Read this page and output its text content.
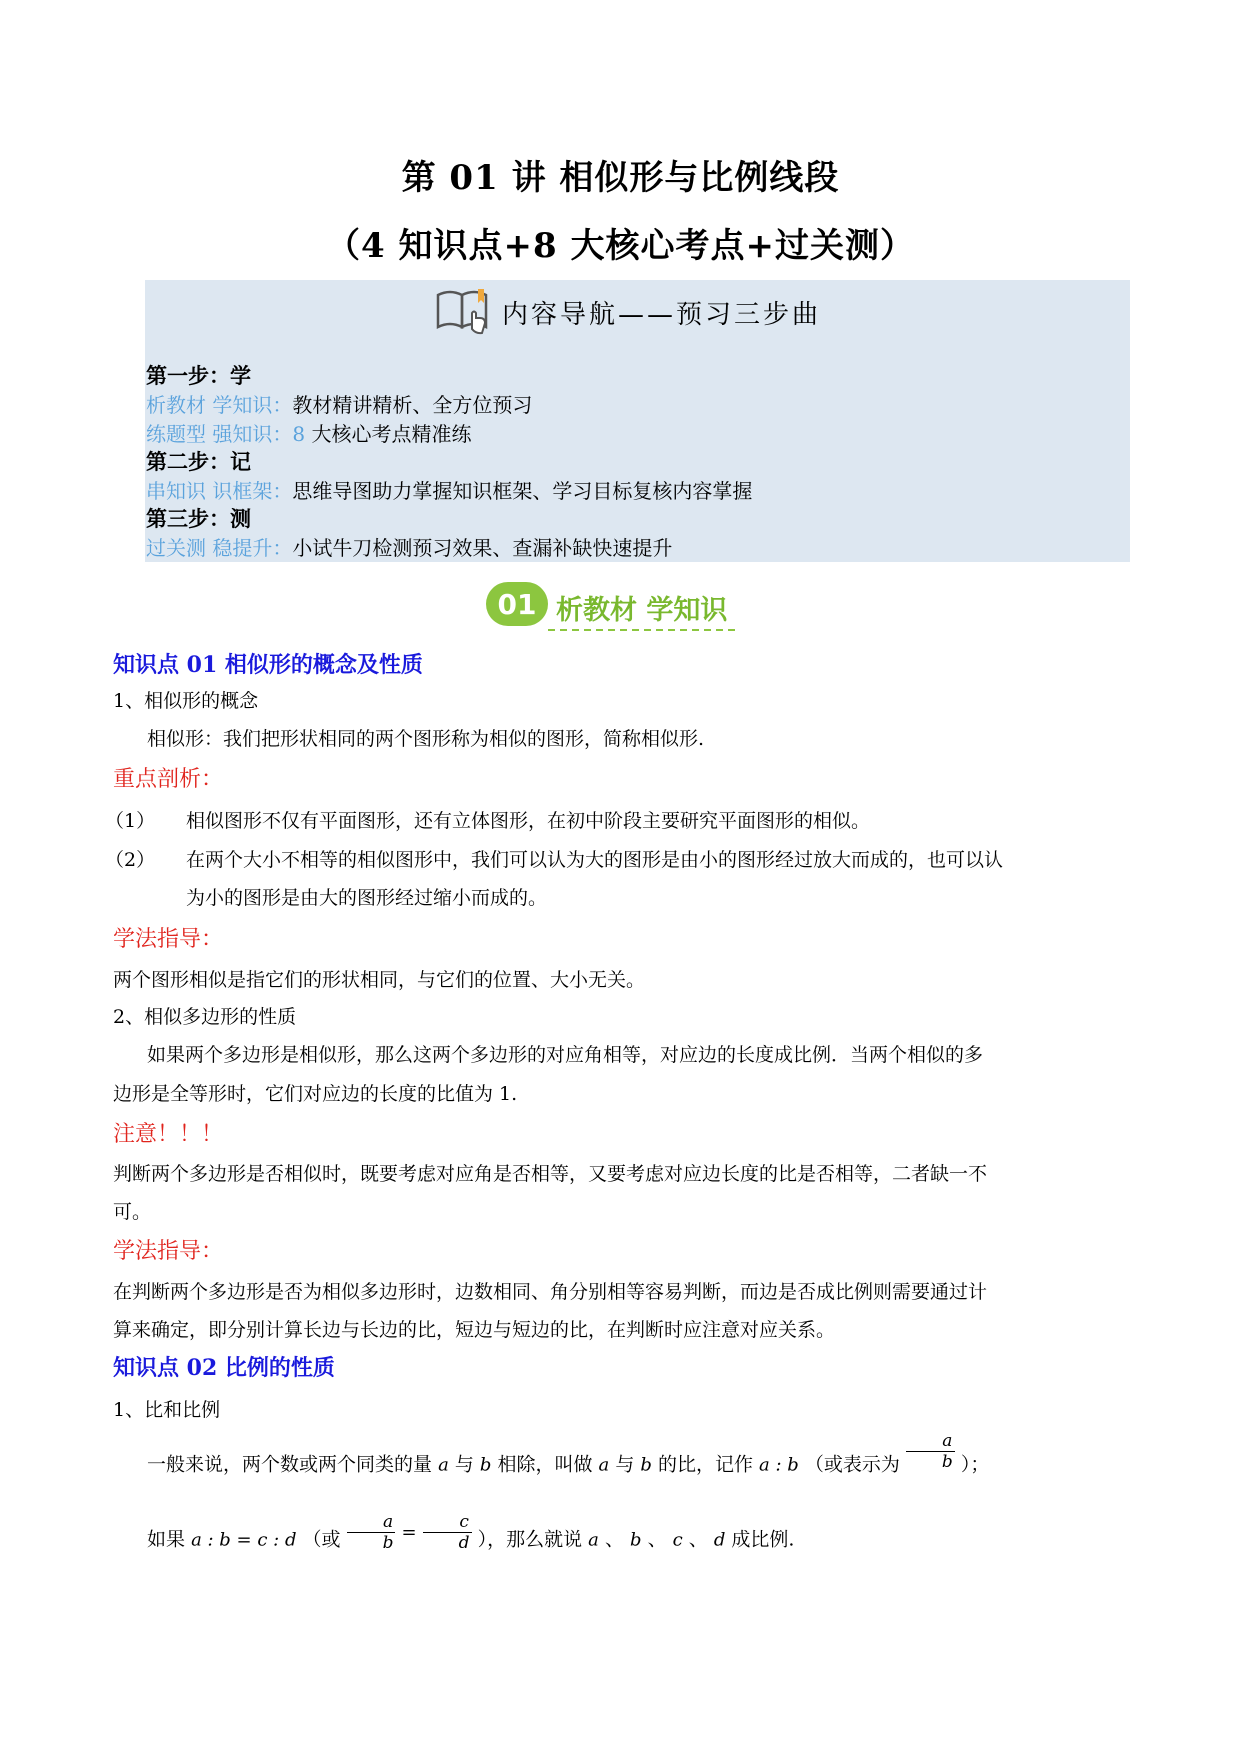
第 01 讲 相似形与比例线段
（4 知识点+8 大核心考点+过关测）
内容导航——预习三步曲
第一步：学
析教材 学知识：教材精讲精析、全方位预习
练题型 强知识：8 大核心考点精准练
第二步：记
串知识 识框架：思维导图助力掌握知识框架、学习目标复核内容掌握
第三步：测
过关测 稳提升：小试牛刀检测预习效果、查漏补缺快速提升
01 析教材 学知识
知识点 01 相似形的概念及性质
1、相似形的概念
相似形：我们把形状相同的两个图形称为相似的图形，简称相似形.
重点剖析：
（1） 相似图形不仅有平面图形，还有立体图形，在初中阶段主要研究平面图形的相似。
（2） 在两个大小不相等的相似图形中，我们可以认为大的图形是由小的图形经过放大而成的，也可以认
为小的图形是由大的图形经过缩小而成的。
学法指导：
两个图形相似是指它们的形状相同，与它们的位置、大小无关。
2、相似多边形的性质
如果两个多边形是相似形，那么这两个多边形的对应角相等，对应边的长度成比例．当两个相似的多
边形是全等形时，它们对应边的长度的比值为 1.
注意！！！
判断两个多边形是否相似时，既要考虑对应角是否相等，又要考虑对应边长度的比是否相等，二者缺一不
可。
学法指导：
在判断两个多边形是否为相似多边形时，边数相同、角分别相等容易判断，而边是否成比例则需要通过计
算来确定，即分别计算长边与长边的比，短边与短边的比，在判断时应注意对应关系。
知识点 02 比例的性质
1、比和比例
一般来说，两个数或两个同类的量 a 与 b 相除，叫做 a 与 b 的比，记作 a : b （或表示为 $\frac{a}{b}$ ）；
如果 a : b = c : d （或 $\frac{a}{b} = \frac{c}{d}$ ），那么就说 a 、 b 、 c 、 d 成比例.
